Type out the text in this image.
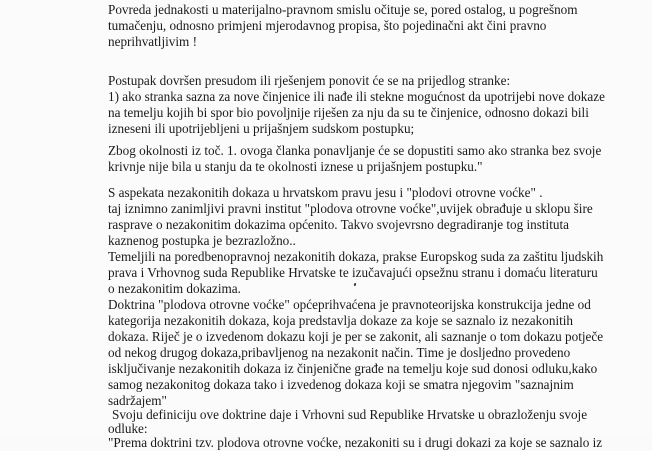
Povreda jednakosti u materijalno-pravnom smislu očituje se, pored ostalog, u pogrešnom
tumačenju, odnosno primjeni mjerodavnog propisa, što pojedinačni akt čini pravno
neprihvatljivim !
Postupak dovršen presudom ili rješenjem ponovit će se na prijedlog stranke:
1) ako stranka sazna za nove činjenice ili nađe ili stekne mogućnost da upotrijebi nove dokaze
na temelju kojih bi spor bio povoljnije riješen za nju da su te činjenice, odnosno dokazi bili
izneseni ili upotrijebljeni u prijašnjem sudskom postupku;
Zbog okolnosti iz toč. 1. ovoga članka ponavljanje će se dopustiti samo ako stranka bez svoje
krivnje nije bila u stanju da te okolnosti iznese u prijašnjem postupku."
S aspekata nezakonitih dokaza u hrvatskom pravu jesu i "plodovi otrovne voćke" .
taj iznimno zanimljivi pravni institut "plodova otrovne voćke",uvijek obrađuje u sklopu šire
rasprave o nezakonitim dokazima općenito. Takvo svojevrsno degradiranje tog instituta
kaznenog postupka je bezrazložno..
Temeljili na poredbenopravnoj nezakonitih dokaza, prakse Europskog suda za zaštitu ljudskih
prava i Vrhovnog suda Republike Hrvatske te izučavajući opsežnu stranu i domaću literaturu
o nezakonitim dokazima.
Doktrina "plodova otrovne voćke" općeprihvaćena je pravnoteorijska konstrukcija jedne od
kategorija nezakonitih dokaza, koja predstavlja dokaze za koje se saznalo iz nezakonitih
dokaza. Riječ je o izvedenom dokazu koji je per se zakonit, ali saznanje o tom dokazu potječe
od nekog drugog dokaza,pribavljenog na nezakonit način. Time je dosljedno provedeno
isključivanje nezakonitih dokaza iz činjeničnе građe na temelju koje sud donosi odluku,kako
samog nezakonitog dokaza tako i izvedenog dokaza koji se smatra njegovim "saznajnim
sadržajem"
Svoju definiciju ove doktrine daje i Vrhovni sud Republike Hrvatske u obrazloženju svoje
odluke:
"Prema doktrini tzv. plodova otrovne voćke, nezakoniti su i drugi dokazi za koje se saznalo iz
